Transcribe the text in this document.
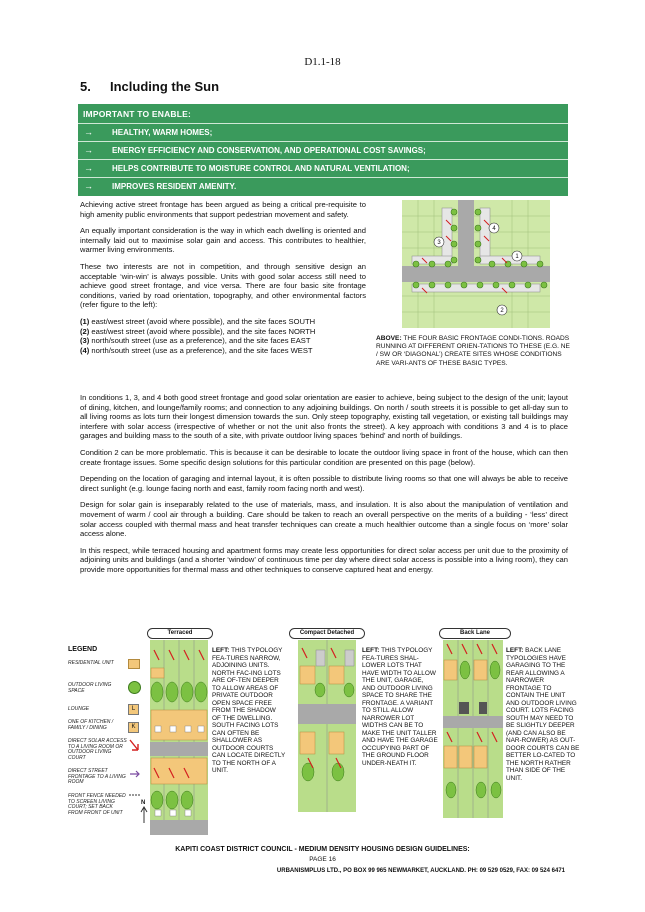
D1.1-18
5. Including the Sun
IMPORTANT TO ENABLE:
→ HEALTHY, WARM HOMES;
→ ENERGY EFFICIENCY AND CONSERVATION, AND OPERATIONAL COST SAVINGS;
→ HELPS CONTRIBUTE TO MOISTURE CONTROL AND NATURAL VENTILATION;
→ IMPROVES RESIDENT AMENITY.

Achieving active street frontage has been argued as being a critical pre-requisite to high amenity public environments that support pedestrian movement and safety.

An equally important consideration is the way in which each dwelling is oriented and internally laid out to maximise solar gain and access. This contributes to healthier, warmer living environments.

These two interests are not in competition, and through sensitive design an acceptable ‘win-win’ is always possible. Units with good solar access still need to achieve good street frontage, and vice versa. There are four basic site frontage conditions, varied by road orientation, topography, and other environmental factors (refer figure to the left):

(1) east/west street (avoid where possible), and the site faces SOUTH
(2) east/west street (avoid where possible), and the site faces NORTH
(3) north/south street (use as a preference), and the site faces EAST
(4) north/south street (use as a preference), and the site faces WEST
1
2
3
4
ABOVE: THE FOUR BASIC FRONTAGE CONDI-TIONS. ROADS RUNNING AT DIFFERENT ORIEN-TATIONS TO THESE (E.G. NE / SW OR ‘DIAGONAL’) CREATE SITES WHOSE CONDITIONS ARE VARI-ANTS OF THESE BASIC TYPES.

In conditions 1, 3, and 4 both good street frontage and good solar orientation are easier to achieve, being subject to the design of the unit; layout of dining, kitchen, and lounge/family rooms; and connection to any adjoining buildings. On north / south streets it is possible to get all-day sun to all living rooms as lots turn their longest dimension towards the sun. Only steep topography, existing tall vegetation, or existing tall buildings may interfere with solar access (irrespective of whether or not the unit also fronts the street). A key approach with conditions 3 and 4 is to place garages and building mass to the south of a site, with private outdoor living spaces ‘behind’ and north of buildings.

Condition 2 can be more problematic. This is because it can be desirable to locate the outdoor living space in front of the house, which can then create frontage issues. Some specific design solutions for this particular condition are presented on this page (below).

Depending on the location of garaging and internal layout, it is often possible to distribute living rooms so that one will always be able to receive direct sunlight (e.g. lounge facing north and east, family room facing north and west).

Design for solar gain is inseparably related to the use of materials, mass, and insulation. It is also about the manipulation of ventilation and movement of warm / cool air through a building. Care should be taken to reach an overall perspective on the merits of a building - ‘less’ direct solar access coupled with thermal mass and heat transfer techniques can create a much healthier outcome than a single focus on ‘more’ solar access alone.

In this respect, while terraced housing and apartment forms may create less opportunities for direct solar access per unit due to the proximity of adjoining units and buildings (and a shorter ‘window’ of continuous time per day where direct solar access is possible into a living room), they can provide more opportunities for thermal mass and other techniques to conserve captured heat and energy.

Terraced	Compact Detached	Back Lane
LEGEND
RESIDENTIAL UNIT
OUTDOOR LIVING SPACE
LOUNGE	L
ONE OF KITCHEN / FAMILY / DINING	K
DIRECT SOLAR ACCESS TO A LIVING ROOM OR OUTDOOR LIVING COURT
DIRECT STREET FRONTAGE TO A LIVING ROOM
FRONT FENCE NEEDED TO SCREEN LIVING COURT; SET BACK FROM FRONT OF UNIT
N
LEFT: THIS TYPOLOGY FEA-TURES NARROW, ADJOINING UNITS. NORTH FAC-ING LOTS ARE OF-TEN DEEPER TO ALLOW AREAS OF PRIVATE OUTDOOR OPEN SPACE FREE FROM THE SHADOW OF THE DWELLING. SOUTH FACING LOTS CAN OFTEN BE SHALLOWER AS OUTDOOR COURTS CAN LOCATE DIRECTLY TO THE NORTH OF A UNIT.
LEFT: THIS TYPOLOGY FEA-TURES SHAL-LOWER LOTS THAT HAVE WIDTH TO ALLOW THE UNIT, GARAGE, AND OUTDOOR LIVING SPACE TO SHARE THE FRONTAGE. A VARIANT TO STILL ALLOW NARROWER LOT WIDTHS CAN BE TO MAKE THE UNIT TALLER AND HAVE THE GARAGE OCCUPYING PART OF THE GROUND FLOOR UNDER-NEATH IT.
LEFT: BACK LANE TYPOLOGIES HAVE GARAGING TO THE REAR ALLOWING A NARROWER FRONTAGE TO CONTAIN THE UNIT AND OUTDOOR LIVING COURT. LOTS FACING SOUTH MAY NEED TO BE SLIGHTLY DEEPER (AND CAN ALSO BE NAR-ROWER) AS OUT-DOOR COURTS CAN BE BETTER LO-CATED TO THE NORTH RATHER THAN SIDE OF THE UNIT.
KAPITI COAST DISTRICT COUNCIL - MEDIUM DENSITY HOUSING DESIGN GUIDELINES:
PAGE 16
URBANISMPLUS LTD., PO BOX 99 965 NEWMARKET, AUCKLAND. PH: 09 529 0529, FAX: 09 524 6471
